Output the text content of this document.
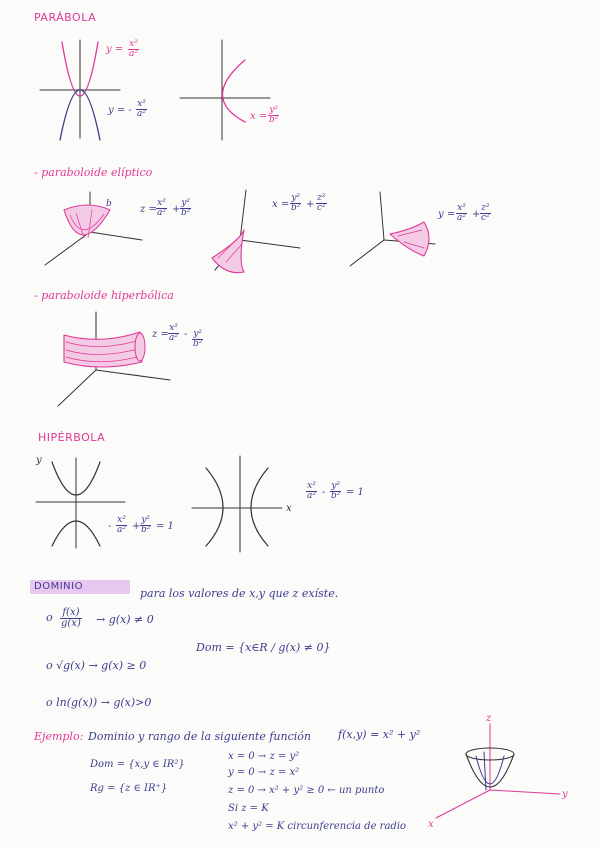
PARÁBOLA
$y = \frac{\text{x²}}{\text{a²}}$
y = - $\frac{\text{x²}}{\text{a²}}$	$x = \frac{\text{y²}}{\text{b²}}$
- paraboloide elíptico
b	$z = \frac{\text{x²}}{\text{a²}} + \frac{\text{y²}}{\text{b²}}$	$x = \frac{\text{y²}}{\text{b²}} + \frac{\text{z²}}{\text{c²}}$
$y = \frac{\text{x²}}{\text{a²}} + \frac{\text{z²}}{\text{c²}}$
- paraboloide hiperbólica
$z = \frac{\text{x²}}{\text{a²}} - \frac{\text{y²}}{\text{b²}}$
HIPÉRBOLA
y
x
- $\frac{\text{x²}}{\text{a²}} + \frac{\text{y²}}{\text{b²}} = 1$
$\frac{\text{x²}}{\text{a²}} - \frac{\text{y²}}{\text{b²}} = 1$
DOMINIO
para los valores de x,y que z exíste.
o $\frac{f(x)}{g(x)} \to g(x) \ne 0$
Dom = {x∈R / g(x) ≠ 0}
o √g(x) → g(x) ≥ 0
o ln(g(x)) → g(x)>0
Ejemplo: Dominio y rango de la siguiente función f(x,y) = x² + y²
Dom = {x,y ∈ IR²}
Rg = {z ∈ IR⁺}
x = 0 → z = y²
y = 0 → z = x²
z = 0 → x² + y² ≥ 0 ← un punto
Si z = K
x² + y² = K circunferencia de radio
z
y
x
